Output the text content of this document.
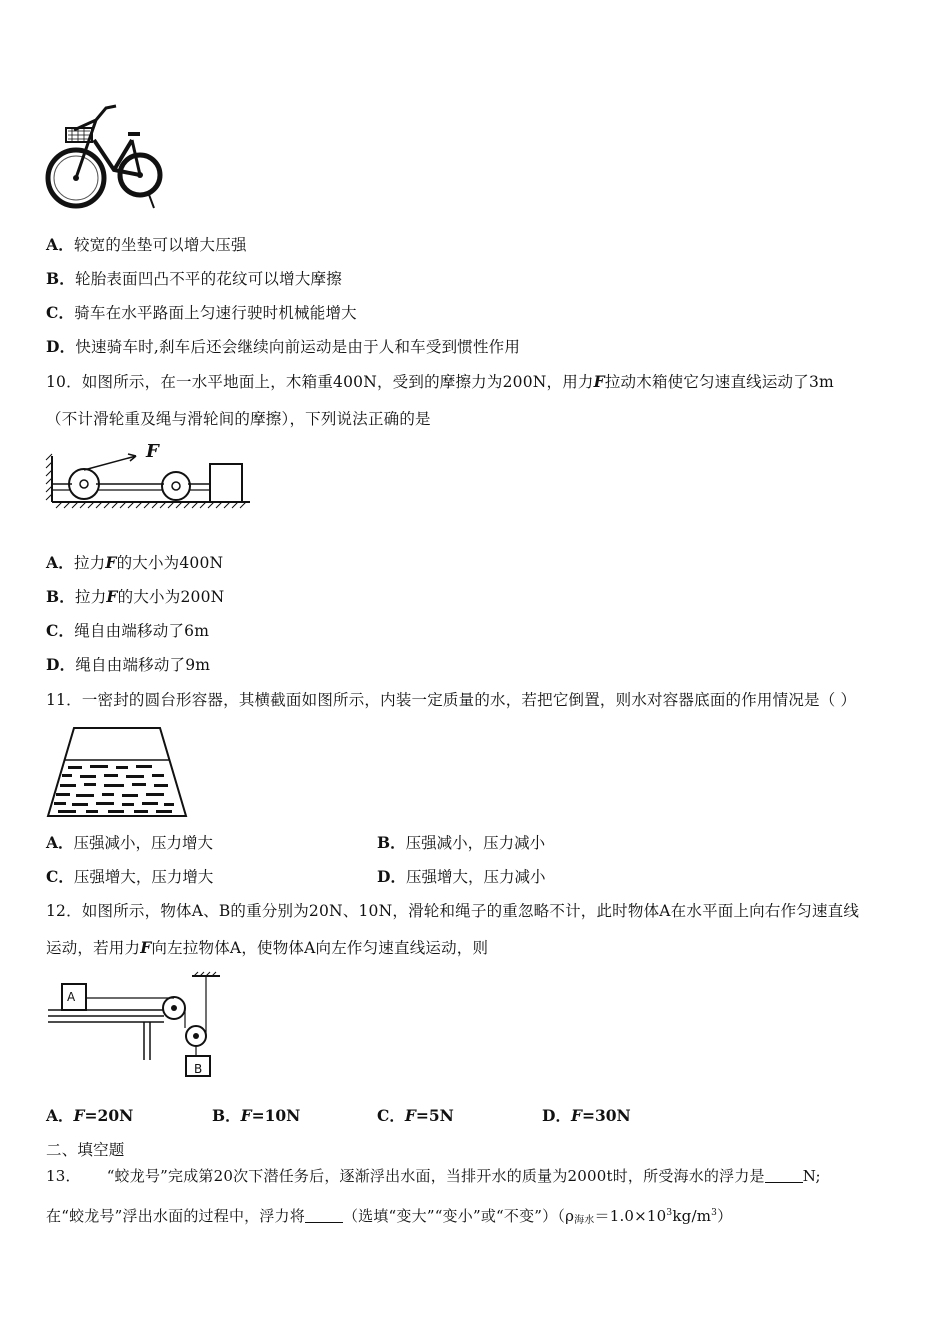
A．较宽的坐垫可以增大压强
B．轮胎表面凹凸不平的花纹可以增大摩擦
C．骑车在水平路面上匀速行驶时机械能增大
D．快速骑车时,刹车后还会继续向前运动是由于人和车受到惯性作用
10．如图所示，在一水平地面上，木箱重400N，受到的摩擦力为200N，用力F拉动木箱使它匀速直线运动了3m
（不计滑轮重及绳与滑轮间的摩擦），下列说法正确的是
F
A．拉力F的大小为400N
B．拉力F的大小为200N
C．绳自由端移动了6m
D．绳自由端移动了9m
11．一密封的圆台形容器，其横截面如图所示，内装一定质量的水，若把它倒置，则水对容器底面的作用情况是（ ）
A．压强减小，压力增大	B．压强减小，压力减小
C．压强增大，压力增大	D．压强增大，压力减小
12．如图所示，物体A、B的重分别为20N、10N，滑轮和绳子的重忽略不计，此时物体A在水平面上向右作匀速直线
运动，若用力F向左拉物体A，使物体A向左作匀速直线运动，则
A
B
A．F=20N	B．F=10N	C．F=5N	D．F=30N
二、填空题
13． “蛟龙号”完成第20次下潜任务后，逐渐浮出水面，当排开水的质量为2000t时，所受海水的浮力是	N;
在“蛟龙号”浮出水面的过程中，浮力将	（选填“变大”“变小”或“不变$”)(\rho_{海水}=1.0\times 10^3kg/m^3)$
